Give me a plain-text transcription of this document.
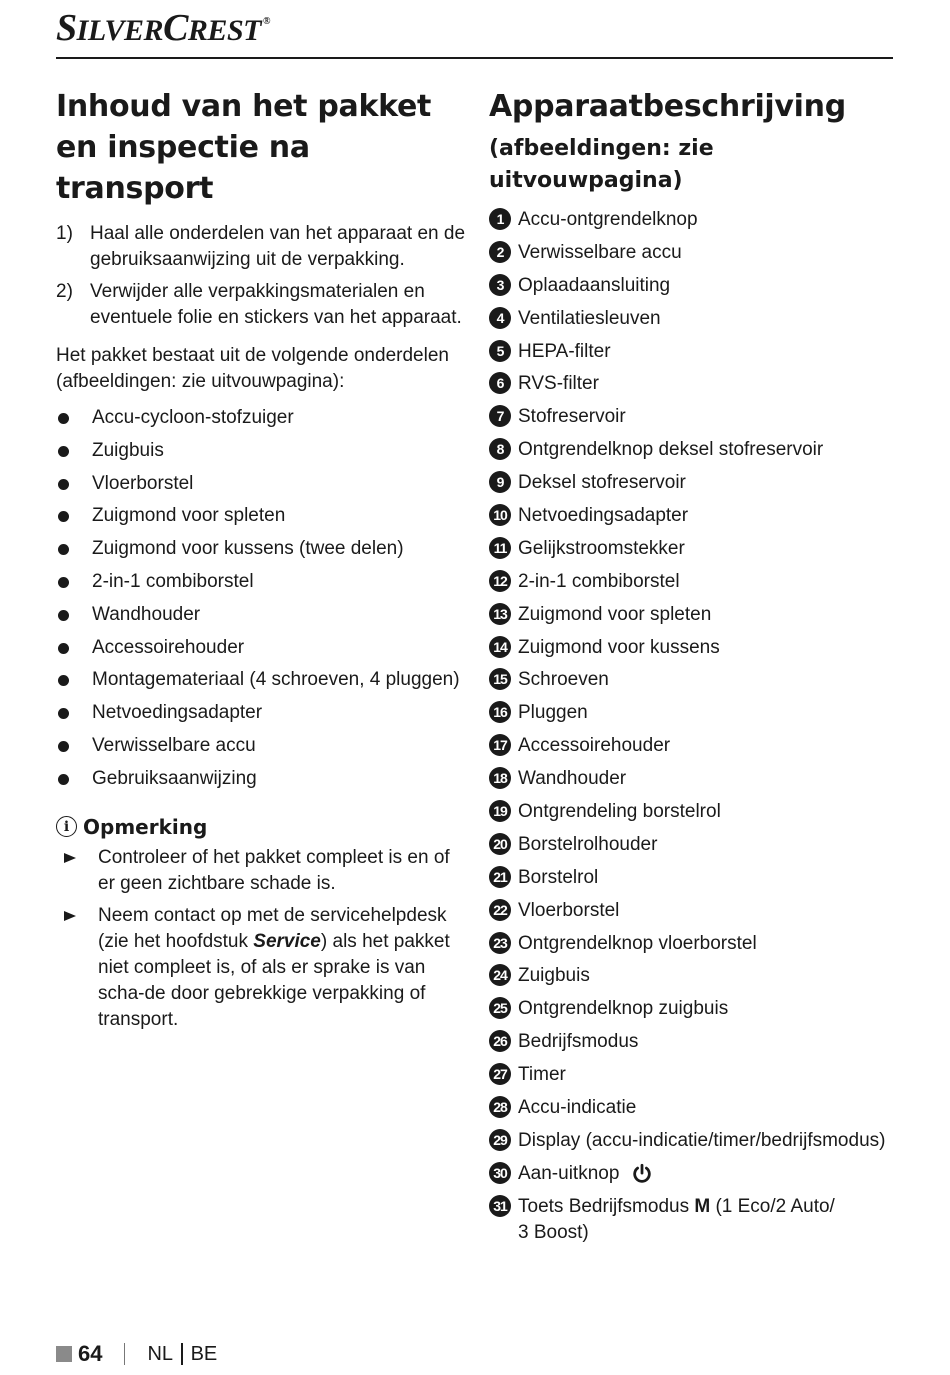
SILVERCREST ®
Inhoud van het pakket en inspectie na transport
1) Haal alle onderdelen van het apparaat en de gebruiksaanwijzing uit de verpakking.
2) Verwijder alle verpakkingsmaterialen en eventuele folie en stickers van het apparaat.

Het pakket bestaat uit de volgende onderdelen (afbeeldingen: zie uitvouwpagina):

Accu-cycloon-stofzuiger
Zuigbuis
Vloerborstel
Zuigmond voor spleten
Zuigmond voor kussens (twee delen)
2-in-1 combiborstel
Wandhouder
Accessoirehouder
Montagemateriaal (4 schroeven, 4 pluggen)
Netvoedingsadapter
Verwisselbare accu
Gebruiksaanwijzing
i Opmerking
Controleer of het pakket compleet is en of er geen zichtbare schade is.
Neem contact op met de servicehelpdesk (zie het hoofdstuk Service) als het pakket niet compleet is, of als er sprake is van scha-de door gebrekkige verpakking of transport.
Apparaatbeschrijving
(afbeeldingen: zie uitvouwpagina)
1 Accu-ontgrendelknop
2 Verwisselbare accu
3 Oplaadaansluiting
4 Ventilatiesleuven
5 HEPA-filter
6 RVS-filter
7 Stofreservoir
8 Ontgrendelknop deksel stofreservoir
9 Deksel stofreservoir
10 Netvoedingsadapter
11 Gelijkstroomstekker
12 2-in-1 combiborstel
13 Zuigmond voor spleten
14 Zuigmond voor kussens
15 Schroeven
16 Pluggen
17 Accessoirehouder
18 Wandhouder
19 Ontgrendeling borstelrol
20 Borstelrolhouder
21 Borstelrol
22 Vloerborstel
23 Ontgrendelknop vloerborstel
24 Zuigbuis
25 Ontgrendelknop zuigbuis
26 Bedrijfsmodus
27 Timer
28 Accu-indicatie
29 Display (accu-indicatie/timer/bedrijfsmodus)
30 Aan-uitknop
31 Toets Bedrijfsmodus M (1 Eco/2 Auto/
3 Boost)
64 NL BE
